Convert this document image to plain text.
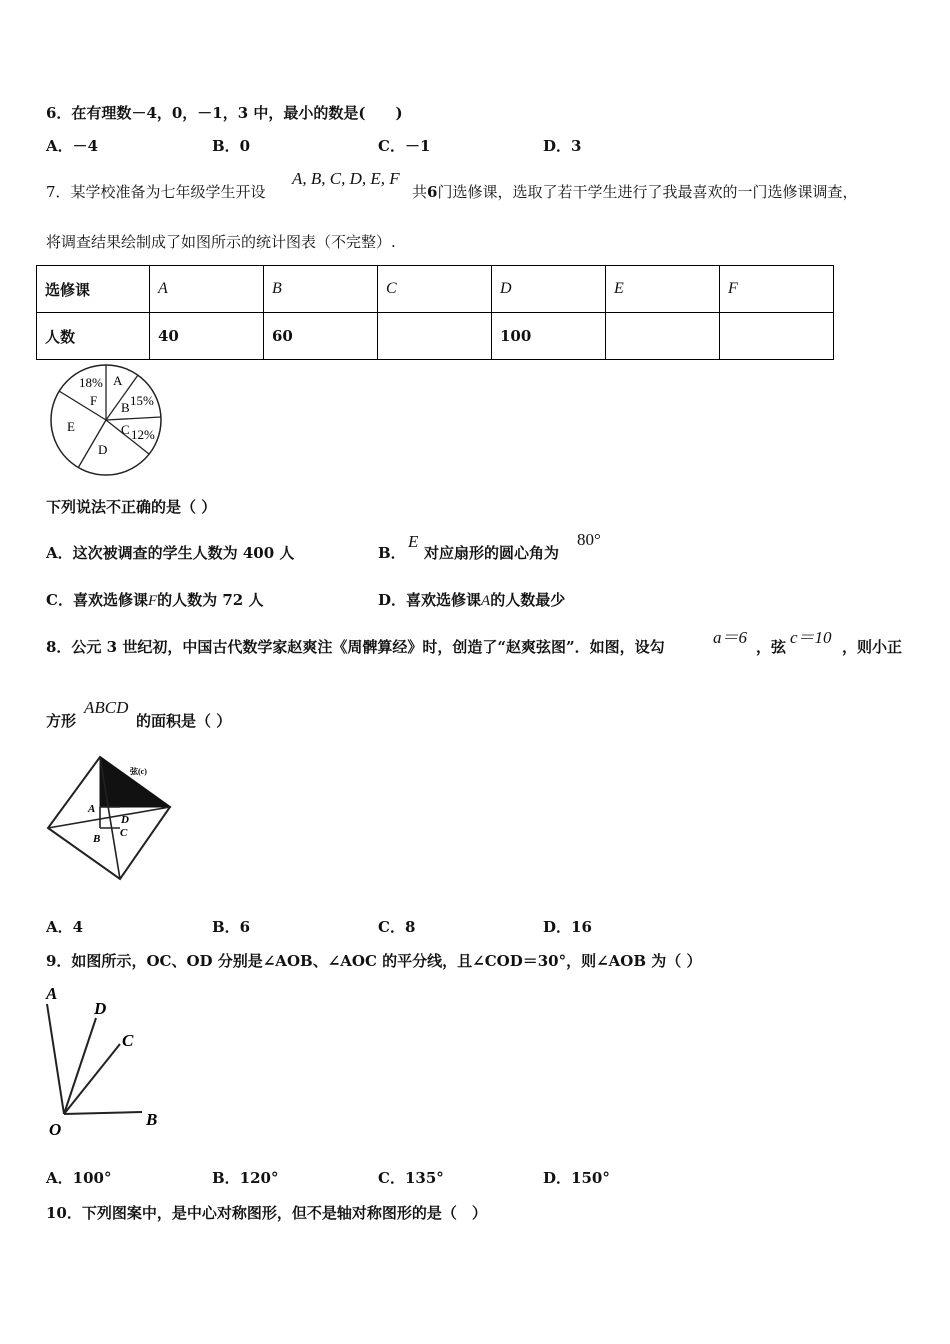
6．在有理数－4，0，－1，3 中，最小的数是(　　)
A．－4	B．0	C．－1	D．3
7．某学校准备为七年级学生开设
A, B, C, D, E, F
共6门选修课，选取了若干学生进行了我最喜欢的一门选修课调查，
将调查结果绘制成了如图所示的统计图表（不完整）.
选修课	A	B	C	D	E	F
人数	40	60		100		
18%
F
A
B 15%
C 12%
D
E
下列说法不正确的是（ ）
A．这次被调查的学生人数为 400 人	B．
E
对应扇形的圆心角为
80°
C．喜欢选修课F的人数为 72 人	D．喜欢选修课A的人数最少
8．公元 3 世纪初，中国古代数学家赵爽注《周髀算经》时，创造了“赵爽弦图”．如图，设勾	a＝6 ，弦 c＝10 ，则小正
方形
ABCD
的面积是（ ）
弦(c)
A
B C
D
A．4	B．6	C．8	D．16
9．如图所示，OC、OD 分别是∠AOB、∠AOC 的平分线，且∠COD＝30°，则∠AOB 为（ ）
A
D
C
O
B
A．100°	B．120°	C．135°	D．150°
10．下列图案中，是中心对称图形，但不是轴对称图形的是（　）
